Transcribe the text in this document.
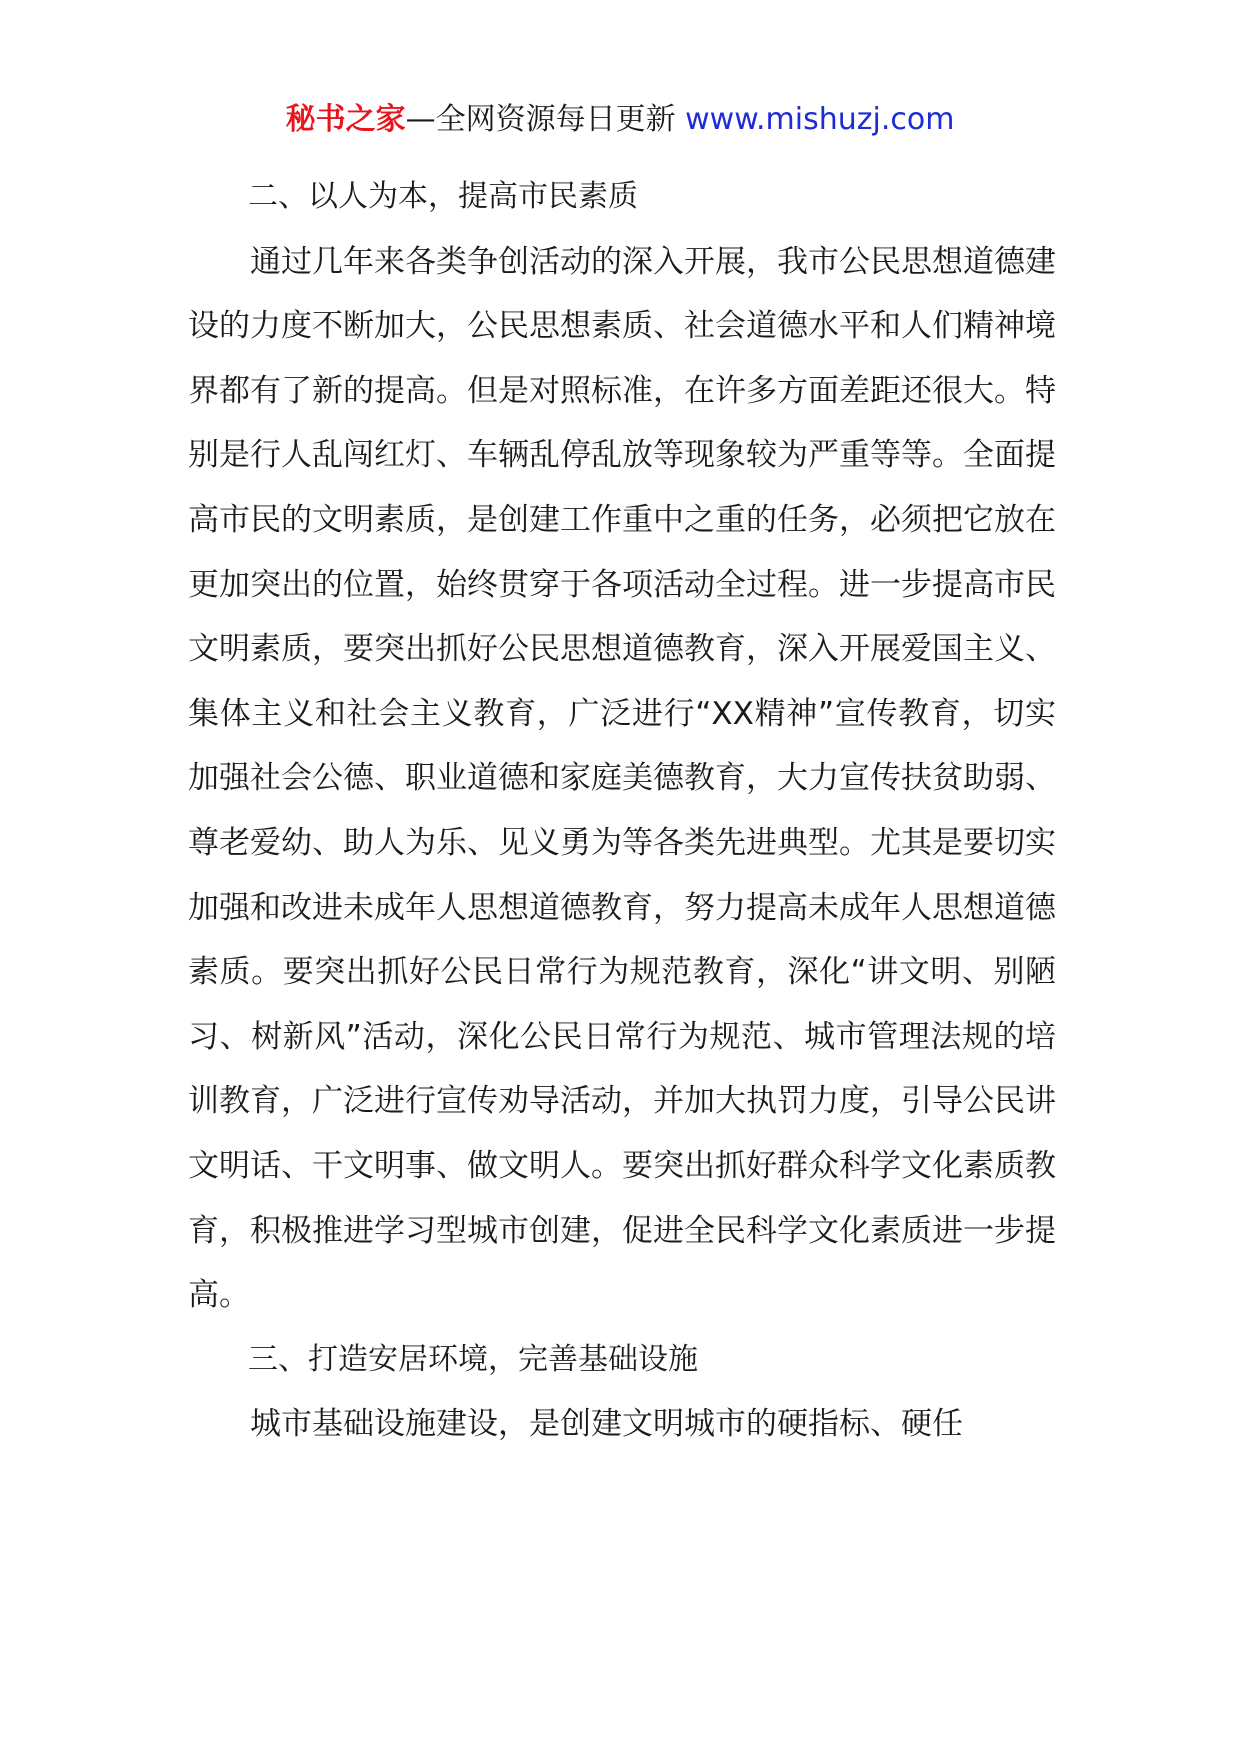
秘书之家—全网资源每日更新 www.mishuzj.com

二、以人为本，提高市民素质

通过几年来各类争创活动的深入开展，我市公民思想道德建设的力度不断加大，公民思想素质、社会道德水平和人们精神境界都有了新的提高。但是对照标准，在许多方面差距还很大。特别是行人乱闯红灯、车辆乱停乱放等现象较为严重等等。全面提高市民的文明素质，是创建工作重中之重的任务，必须把它放在更加突出的位置，始终贯穿于各项活动全过程。进一步提高市民文明素质，要突出抓好公民思想道德教育，深入开展爱国主义、集体主义和社会主义教育，广泛进行“XX精神”宣传教育，切实加强社会公德、职业道德和家庭美德教育，大力宣传扶贫助弱、尊老爱幼、助人为乐、见义勇为等各类先进典型。尤其是要切实加强和改进未成年人思想道德教育，努力提高未成年人思想道德素质。要突出抓好公民日常行为规范教育，深化“讲文明、别陋习、树新风”活动，深化公民日常行为规范、城市管理法规的培训教育，广泛进行宣传劝导活动，并加大执罚力度，引导公民讲文明话、干文明事、做文明人。要突出抓好群众科学文化素质教育，积极推进学习型城市创建，促进全民科学文化素质进一步提高。

三、打造安居环境，完善基础设施

城市基础设施建设，是创建文明城市的硬指标、硬任
